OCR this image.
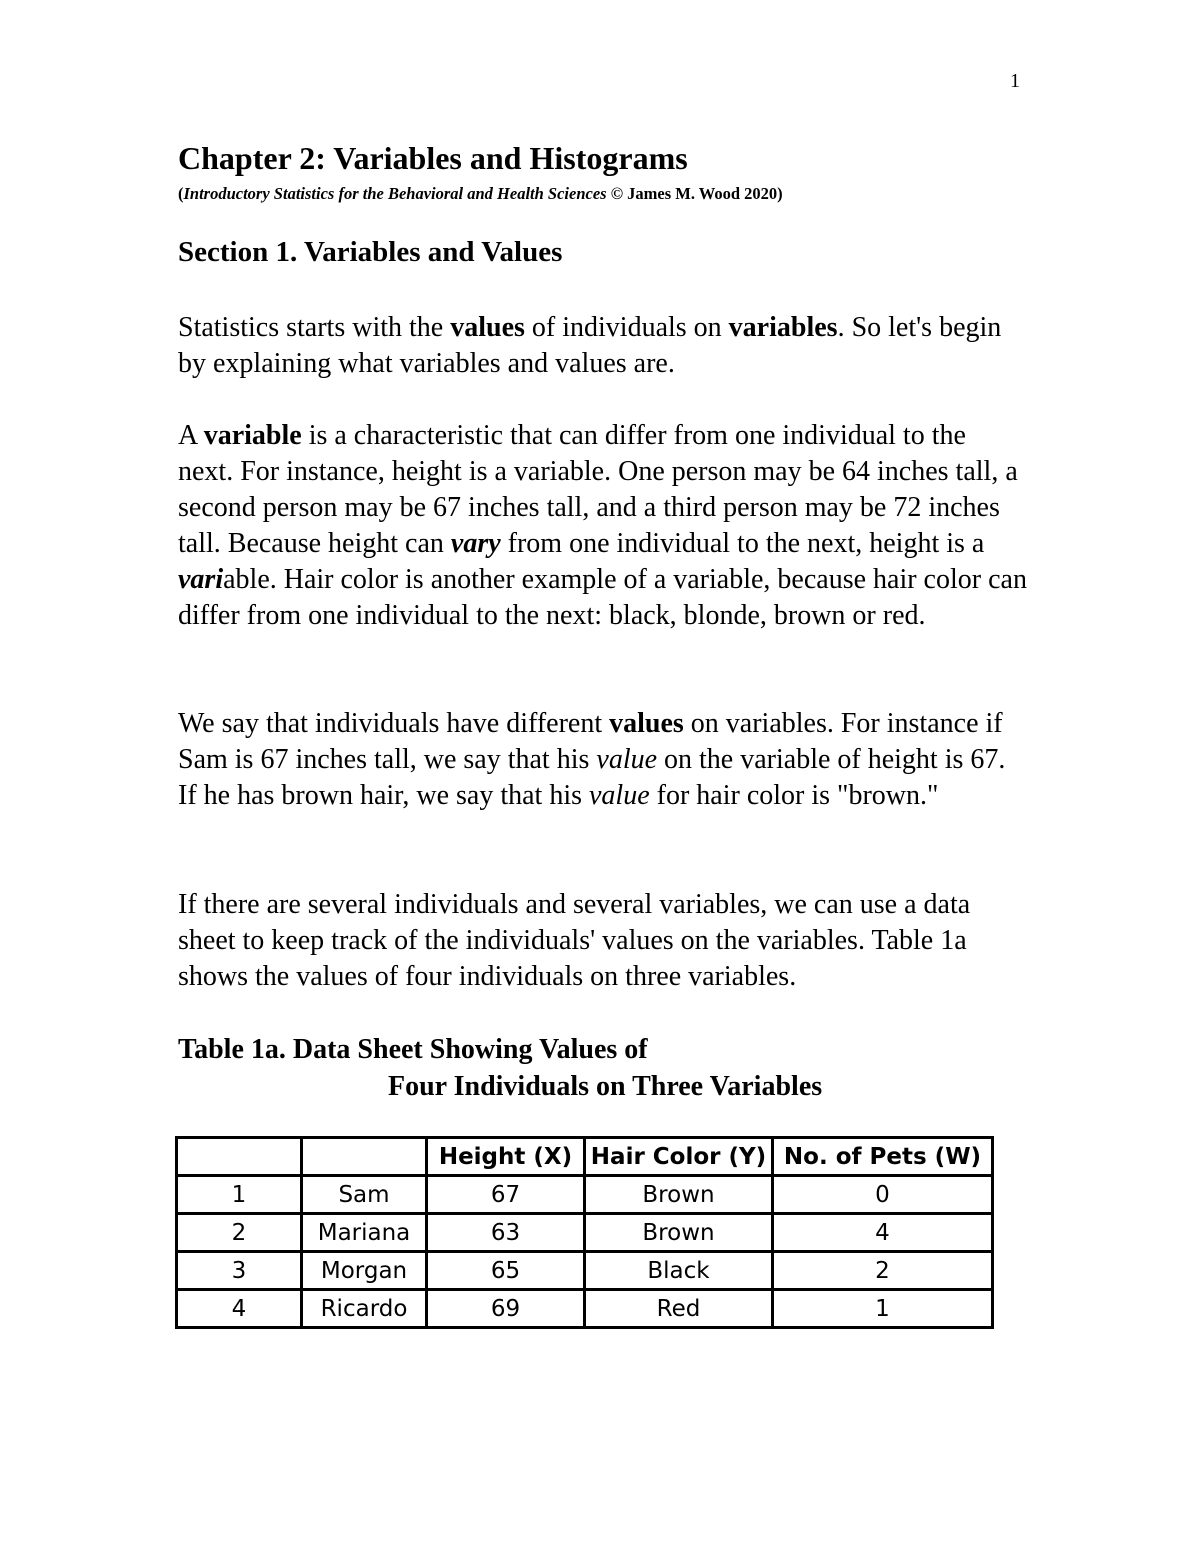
1
Chapter 2: Variables and Histograms
(Introductory Statistics for the Behavioral and Health Sciences © James M. Wood 2020)
Section 1. Variables and Values

Statistics starts with the values of individuals on variables. So let's begin by explaining what variables and values are.

A variable is a characteristic that can differ from one individual to the next. For instance, height is a variable. One person may be 64 inches tall, a second person may be 67 inches tall, and a third person may be 72 inches tall. Because height can vary from one individual to the next, height is a variable. Hair color is another example of a variable, because hair color can differ from one individual to the next: black, blonde, brown or red.

We say that individuals have different values on variables. For instance if Sam is 67 inches tall, we say that his value on the variable of height is 67. If he has brown hair, we say that his value for hair color is "brown."

If there are several individuals and several variables, we can use a data sheet to keep track of the individuals' values on the variables. Table 1a shows the values of four individuals on three variables.

Table 1a. Data Sheet Showing Values of
Four Individuals on Three Variables
		Height (X)	Hair Color (Y)	No. of Pets (W)
1	Sam	67	Brown	0
2	Mariana	63	Brown	4
3	Morgan	65	Black	2
4	Ricardo	69	Red	1
